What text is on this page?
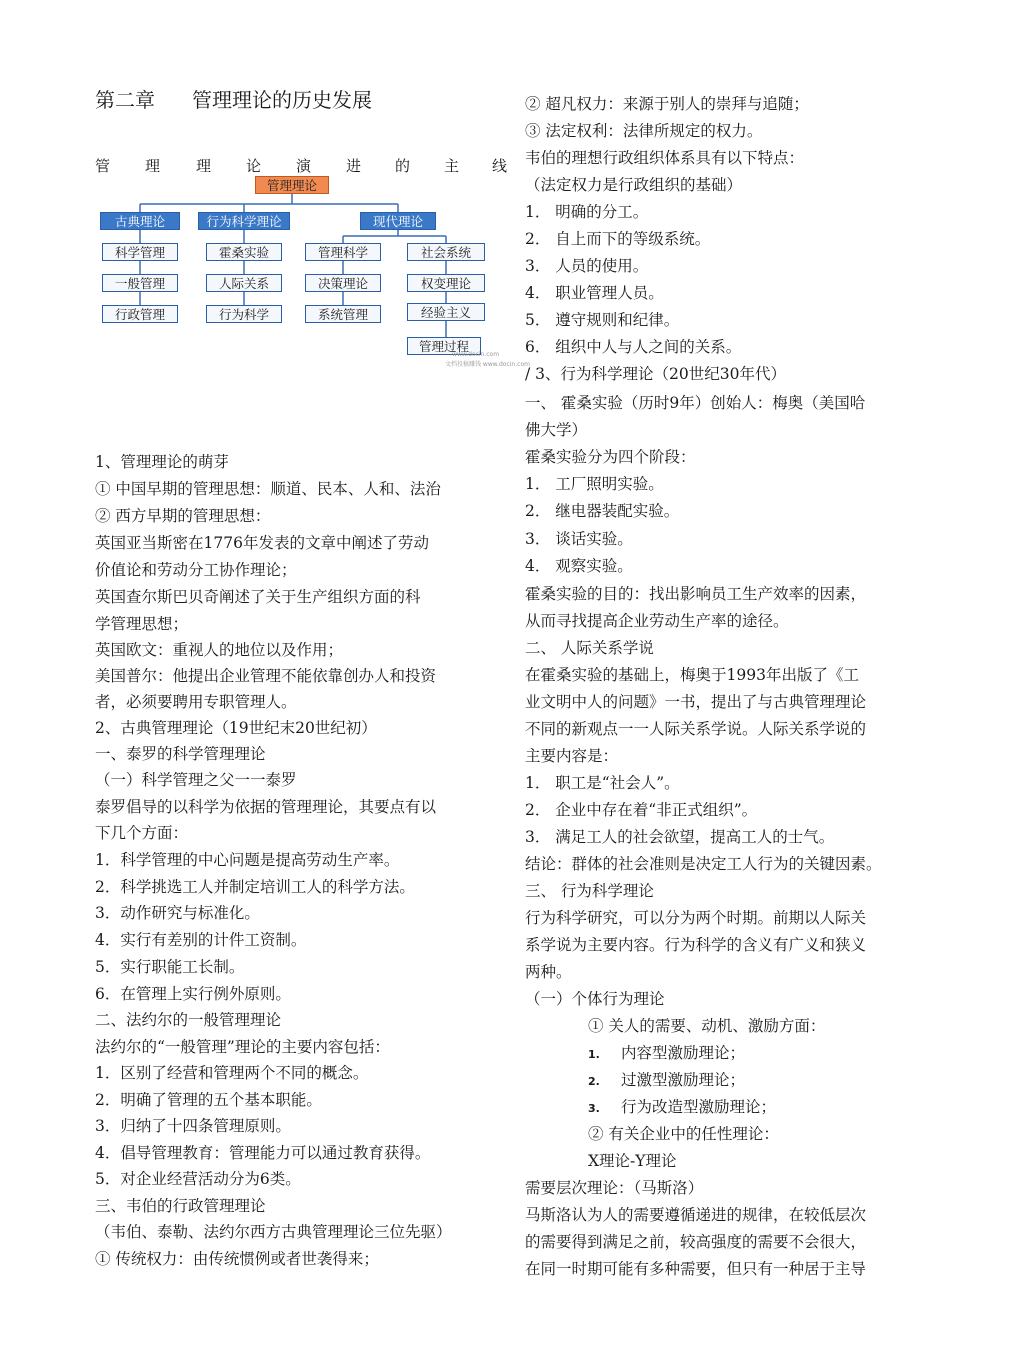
第二章 管理理论的历史发展
管 理 理 论 演 进 的 主 线
管理理论
古典理论	行为科学理论	现代理论
科学管理
一般管理
行政管理
霍桑实验
人际关系
行为科学
管理科学
决策理论
系统管理
社会系统
权变理论
经验主义
管理过程
www.docin.com
文档投稿赚钱 www.docin.com
1、管理理论的萌芽
① 中国早期的管理思想：顺道、民本、人和、法治
② 西方早期的管理思想：
英国亚当斯密在1776年发表的文章中阐述了劳动
价值论和劳动分工协作理论；
英国查尔斯巴贝奇阐述了关于生产组织方面的科
学管理思想；
英国欧文：重视人的地位以及作用；
美国普尔：他提出企业管理不能依靠创办人和投资
者，必须要聘用专职管理人。
2、古典管理理论（19世纪末20世纪初）
一、泰罗的科学管理理论
（一）科学管理之父一一泰罗
泰罗倡导的以科学为依据的管理理论，其要点有以
下几个方面：
1．科学管理的中心问题是提高劳动生产率。
2．科学挑选工人并制定培训工人的科学方法。
3．动作研究与标准化。
4．实行有差别的计件工资制。
5．实行职能工长制。
6．在管理上实行例外原则。
二、法约尔的一般管理理论
法约尔的“一般管理”理论的主要内容包括：
1．区别了经营和管理两个不同的概念。
2．明确了管理的五个基本职能。
3．归纳了十四条管理原则。
4．倡导管理教育：管理能力可以通过教育获得。
5．对企业经营活动分为6类。
三、韦伯的行政管理理论
（韦伯、泰勒、法约尔西方古典管理理论三位先驱）
① 传统权力：由传统惯例或者世袭得来；
② 超凡权力：来源于别人的崇拜与追随；
③ 法定权利：法律所规定的权力。
韦伯的理想行政组织体系具有以下特点：
（法定权力是行政组织的基础）
1． 明确的分工。
2． 自上而下的等级系统。
3． 人员的使用。
4． 职业管理人员。
5． 遵守规则和纪律。
6． 组织中人与人之间的关系。
/ 3、行为科学理论（20世纪30年代）
一、 霍桑实验（历时9年）创始人：梅奥（美国哈
佛大学）
霍桑实验分为四个阶段：
1． 工厂照明实验。
2． 继电器装配实验。
3． 谈话实验。
4． 观察实验。
霍桑实验的目的：找出影响员工生产效率的因素，
从而寻找提高企业劳动生产率的途径。
二、 人际关系学说
在霍桑实验的基础上，梅奥于1993年出版了《工
业文明中人的问题》一书，提出了与古典管理理论
不同的新观点一一人际关系学说。人际关系学说的
主要内容是：
1． 职工是“社会人”。
2． 企业中存在着“非正式组织”。
3． 满足工人的社会欲望，提高工人的士气。
结论：群体的社会准则是决定工人行为的关键因素。
三、 行为科学理论
行为科学研究，可以分为两个时期。前期以人际关
系学说为主要内容。行为科学的含义有广义和狭义
两种。
（一）个体行为理论
① 关人的需要、动机、激励方面：
1. 内容型激励理论；
2. 过激型激励理论；
3. 行为改造型激励理论；
② 有关企业中的任性理论：
X理论-Y理论
需要层次理论：（马斯洛）
马斯洛认为人的需要遵循递进的规律，在较低层次
的需要得到满足之前，较高强度的需要不会很大，
在同一时期可能有多种需要，但只有一种居于主导
